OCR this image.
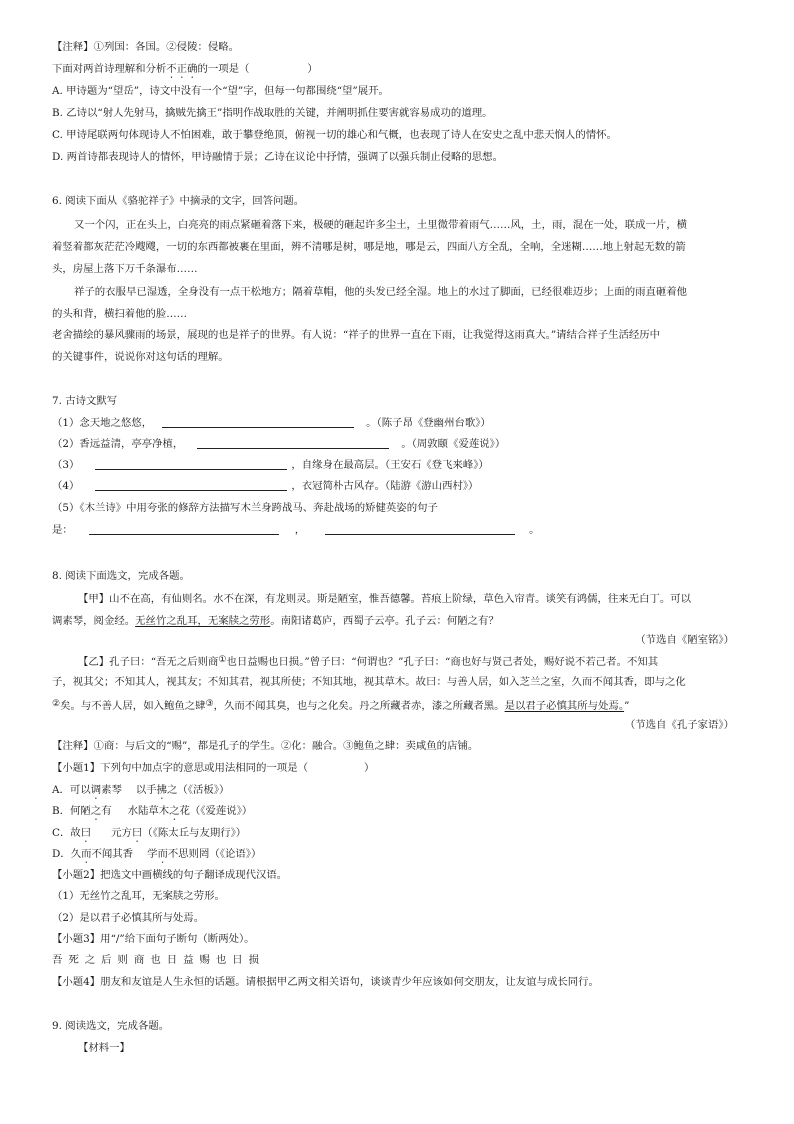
【注释】①列国：各国。②侵陵：侵略。
下面对两首诗理解和分析不正确的一项是（	）
A. 甲诗题为“望岳”，诗文中没有一个“望”字，但每一句都围绕“望”展开。
B. 乙诗以“射人先射马，擒贼先擒王”指明作战取胜的关键，并阐明抓住要害就容易成功的道理。
C. 甲诗尾联两句体现诗人不怕困难，敢于攀登绝顶，俯视一切的雄心和气概，也表现了诗人在安史之乱中悲天悯人的情怀。
D. 两首诗都表现诗人的情怀，甲诗融情于景；乙诗在议论中抒情，强调了以强兵制止侵略的思想。
6. 阅读下面从《骆驼祥子》中摘录的文字，回答问题。
又一个闪，正在头上，白亮亮的雨点紧砸着落下来，极硬的砸起许多尘土，土里微带着雨气……风，土，雨，混在一处，联成一片，横
着竖着都灰茫茫冷飕飕，一切的东西都被裹在里面，辨不清哪是树，哪是地，哪是云，四面八方全乱，全响，全迷糊……地上射起无数的箭
头，房屋上落下万千条瀑布……
祥子的衣服早已湿透，全身没有一点干松地方；隔着草帽，他的头发已经全湿。地上的水过了脚面，已经很难迈步；上面的雨直砸着他
的头和背，横扫着他的脸……
老舍描绘的暴风骤雨的场景，展现的也是祥子的世界。有人说：“祥子的世界一直在下雨，让我觉得这雨真大。”请结合祥子生活经历中
的关键事件，说说你对这句话的理解。
7. 古诗文默写
（1）念天地之悠悠，	。（陈子昂《登幽州台歌》）
（2）香远益清，亭亭净植，	。（周敦颐《爱莲说》）
（3）	，自缘身在最高层。（王安石《登飞来峰》）
（4）	，衣冠简朴古风存。（陆游《游山西村》）
（5）《木兰诗》中用夸张的修辞方法描写木兰身跨战马、奔赴战场的矫健英姿的句子
是：	，	。
8. 阅读下面选文，完成各题。
【甲】山不在高，有仙则名。水不在深，有龙则灵。斯是陋室，惟吾德馨。苔痕上阶绿，草色入帘青。谈笑有鸿儒，往来无白丁。可以
调素琴，阅金经。无丝竹之乱耳，无案牍之劳形。南阳诸葛庐，西蜀子云亭。孔子云：何陋之有？
（节选自《陋室铭》）
【乙】孔子曰：“吾无之后则商①也日益赐也日损。”曾子曰：“何谓也？”孔子曰：“商也好与贤己者处，赐好说不若己者。不知其
子，视其父；不知其人，视其友；不知其君，视其所使；不知其地，视其草木。故曰：与善人居，如入芝兰之室，久而不闻其香，即与之化
②矣。与不善人居，如入鲍鱼之肆③，久而不闻其臭，也与之化矣。丹之所藏者赤，漆之所藏者黑。是以君子必慎其所与处焉。”
（节选自《孔子家语》）
【注释】①商：与后文的“赐”，都是孔子的学生。②化：融合。③鲍鱼之肆：卖咸鱼的店铺。
【小题1】下列句中加点字的意思或用法相同的一项是（	）
A．可以调素琴 以手拂之（《活板》）
B．何陋之有 水陆草木之花（《爱莲说》）
C．故曰 元方曰（《陈太丘与友期行》）
D．久而不闻其香 学而不思则罔（《论语》）
【小题2】把选文中画横线的句子翻译成现代汉语。
（1）无丝竹之乱耳，无案牍之劳形。
（2）是以君子必慎其所与处焉。
【小题3】用“/”给下面句子断句（断两处）。
吾死之后则商也日益赐也日损
【小题4】朋友和友谊是人生永恒的话题。请根据甲乙两文相关语句，谈谈青少年应该如何交朋友，让友谊与成长同行。
9. 阅读选文，完成各题。
【材料一】
